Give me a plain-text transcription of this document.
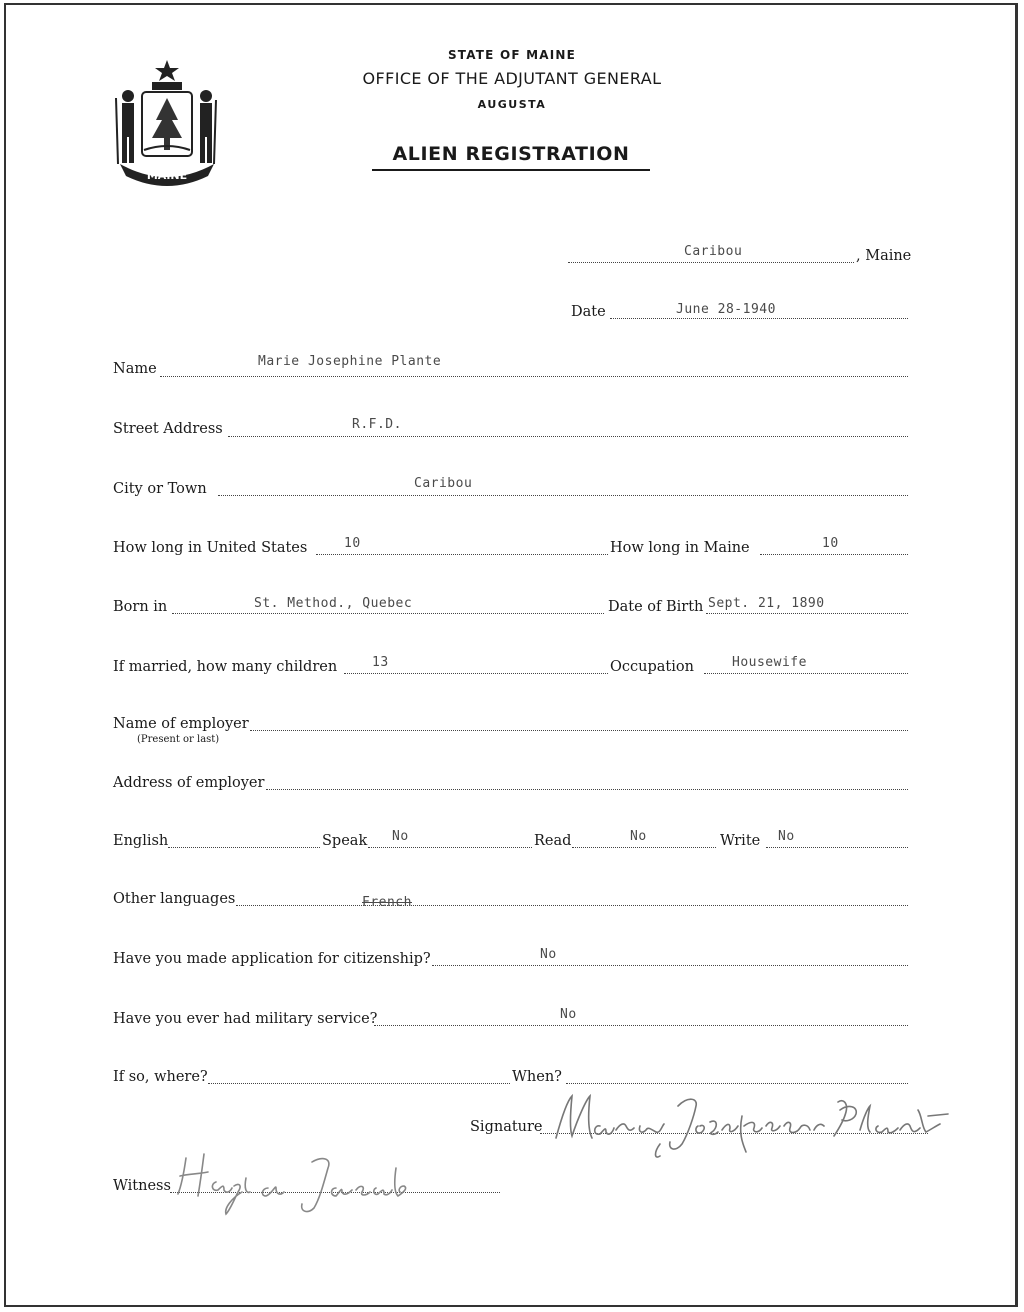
MAINE
STATE OF MAINE
OFFICE OF THE ADJUTANT GENERAL
AUGUSTA
ALIEN REGISTRATION
Caribou	, Maine
Date	June 28-1940
Name	Marie Josephine Plante
Street Address	R.F.D.
City or Town	Caribou
How long in United States	10	How long in Maine	10
Born in	St. Method., Quebec	Date of Birth Sept. 21, 1890
If married, how many children	13	Occupation	Housewife
Name of employer
(Present or last)
Address of employer
English	Speak No	Read	No	Write No
Other languages	French
Have you made application for citizenship?	No
Have you ever had military service?	No
If so, where?	When?
Signature
Witness
